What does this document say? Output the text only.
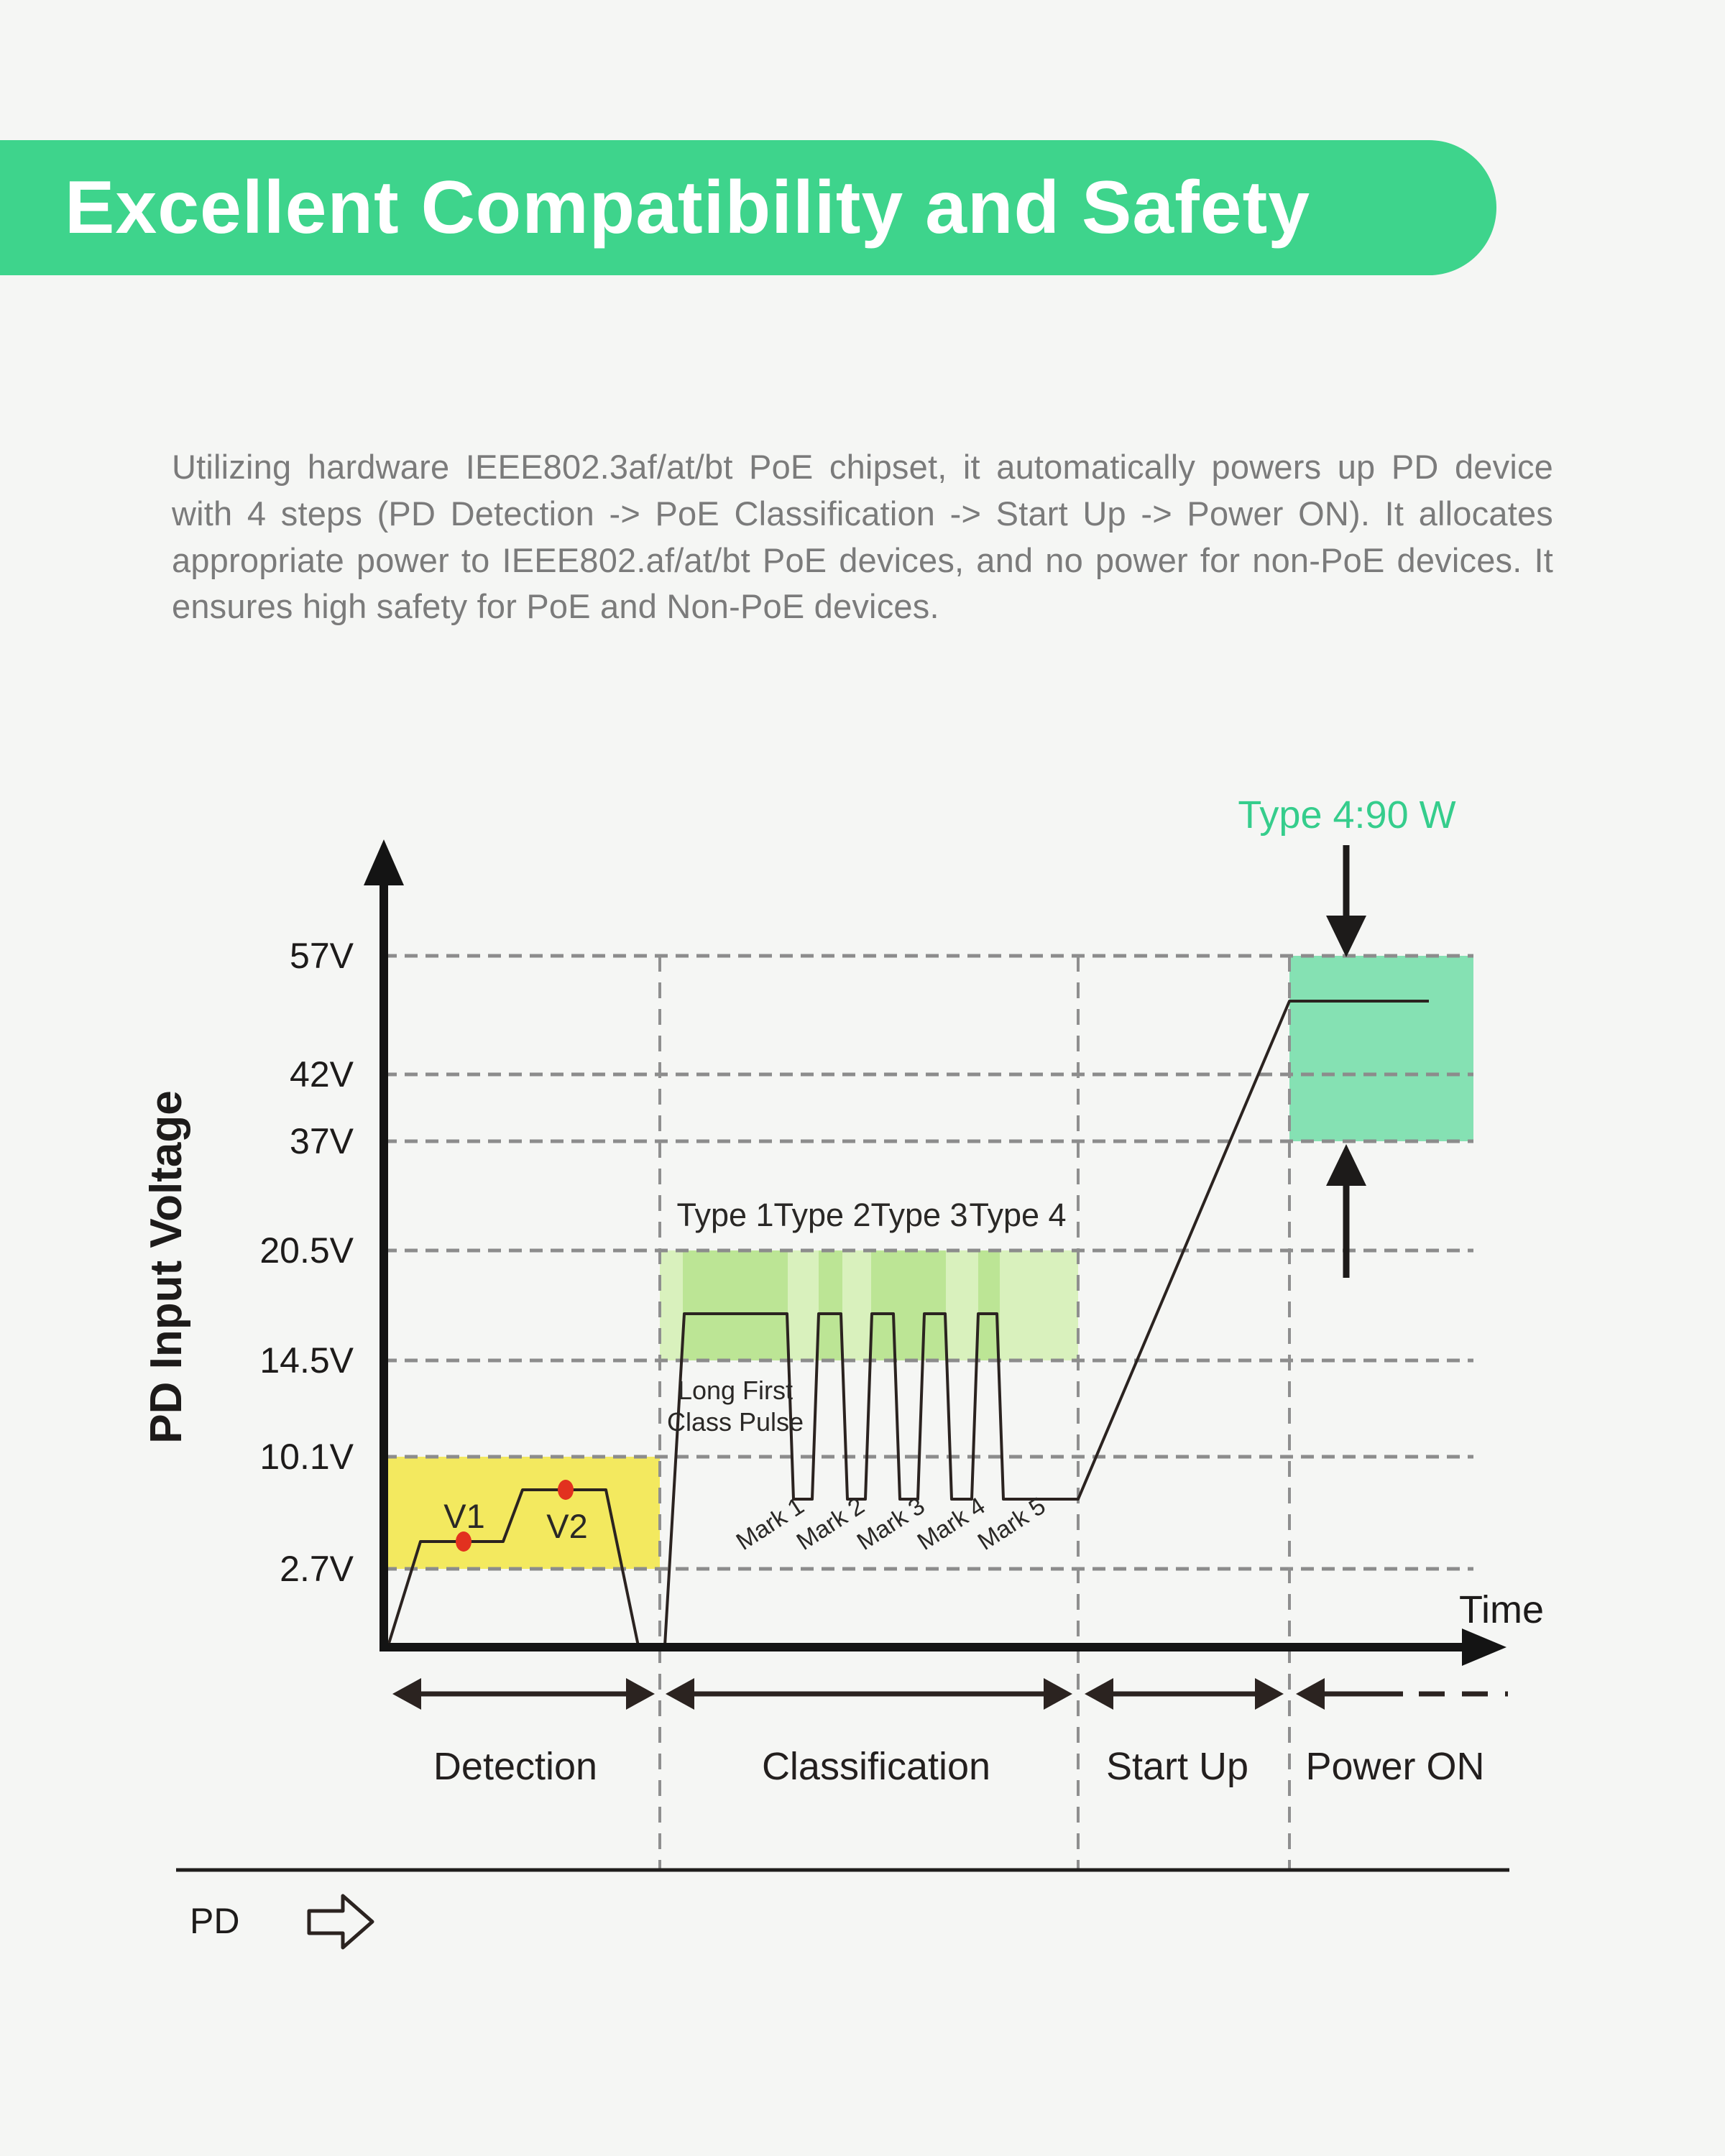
Excellent Compatibility and Safety
Utilizing hardware IEEE802.3af/at/bt PoE chipset, it automatically powers up PD device with 4 steps (PD Detection -> PoE Classification -> Start Up -> Power ON). It allocates appropriate power to IEEE802.af/at/bt PoE devices, and no power for non-PoE devices. It ensures high safety for PoE and Non-PoE devices.
57V
42V
37V
20.5V
14.5V
10.1V
2.7V
PD Input Voltage	Type 1 Type 2 Type 3 Type 4
Long First
Class Pulse
Mark 1
Mark 2
Mark 3
Mark 4
Mark 5
V1 V2
Type 4:90 W
Time
Detection	Classification	Start Up Power ON
PD
